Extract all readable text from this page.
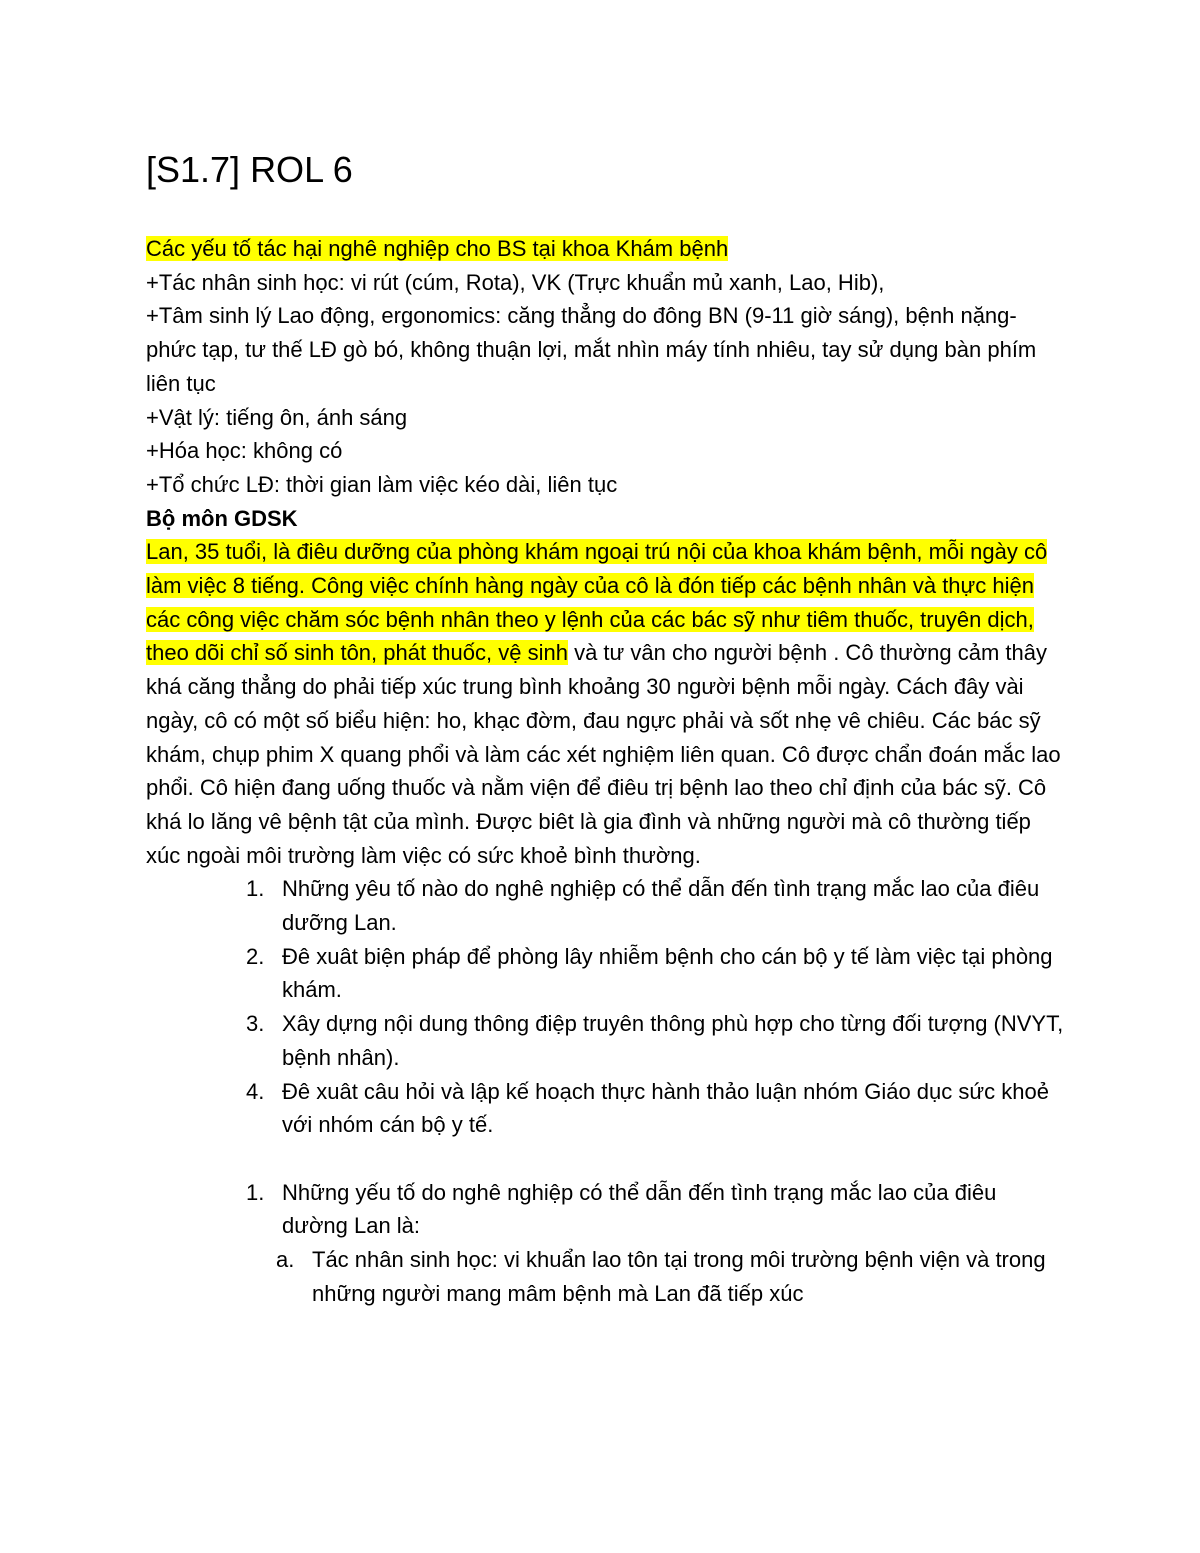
[S1.7] ROL 6
Các yếu tố tác hại nghê nghiệp cho BS tại khoa Khám bệnh
+Tác nhân sinh học: vi rút (cúm, Rota), VK (Trực khuẩn mủ xanh, Lao, Hib),
+Tâm sinh lý Lao động, ergonomics: căng thẳng do đông BN (9-11 giờ sáng), bệnh nặng-phức tạp, tư thế LĐ gò bó, không thuận lợi, mắt nhìn máy tính nhiêu, tay sử dụng bàn phím liên tục
+Vật lý: tiếng ôn, ánh sáng
+Hóa học: không có
+Tổ chức LĐ: thời gian làm việc kéo dài, liên tục
Bộ môn GDSK
Lan, 35 tuổi, là điêu dưỡng của phòng khám ngoại trú nội của khoa khám bệnh, mỗi ngày cô làm việc 8 tiếng. Công việc chính hàng ngày của cô là đón tiếp các bệnh nhân và thực hiện các công việc chăm sóc bệnh nhân theo y lệnh của các bác sỹ như tiêm thuốc, truyên dịch, theo dõi chỉ số sinh tôn, phát thuốc, vệ sinh và tư vân cho người bệnh . Cô thường cảm thây khá căng thẳng do phải tiếp xúc trung bình khoảng 30 người bệnh mỗi ngày. Cách đây vài ngày, cô có một số biểu hiện: ho, khạc đờm, đau ngực phải và sốt nhẹ vê chiêu. Các bác sỹ khám, chụp phim X quang phổi và làm các xét nghiệm liên quan. Cô được chẩn đoán mắc lao phổi. Cô hiện đang uống thuốc và nằm viện để điêu trị bệnh lao theo chỉ định của bác sỹ. Cô khá lo lăng vê bệnh tật của mình. Được biêt là gia đình và những người mà cô thường tiếp xúc ngoài môi trường làm việc có sức khoẻ bình thường.
1. Những yêu tố nào do nghê nghiệp có thể dẫn đến tình trạng mắc lao của điêu dưỡng Lan.
2. Đê xuât biện pháp để phòng lây nhiễm bệnh cho cán bộ y tế làm việc tại phòng khám.
3. Xây dựng nội dung thông điệp truyên thông phù hợp cho từng đối tượng (NVYT, bệnh nhân).
4. Đê xuât câu hỏi và lập kế hoạch thực hành thảo luận nhóm Giáo dục sức khoẻ với nhóm cán bộ y tế.
1. Những yếu tố do nghê nghiệp có thể dẫn đến tình trạng mắc lao của điêu dường Lan là:
a. Tác nhân sinh học: vi khuẩn lao tôn tại trong môi trường bệnh viện và trong những người mang mâm bệnh mà Lan đã tiếp xúc
